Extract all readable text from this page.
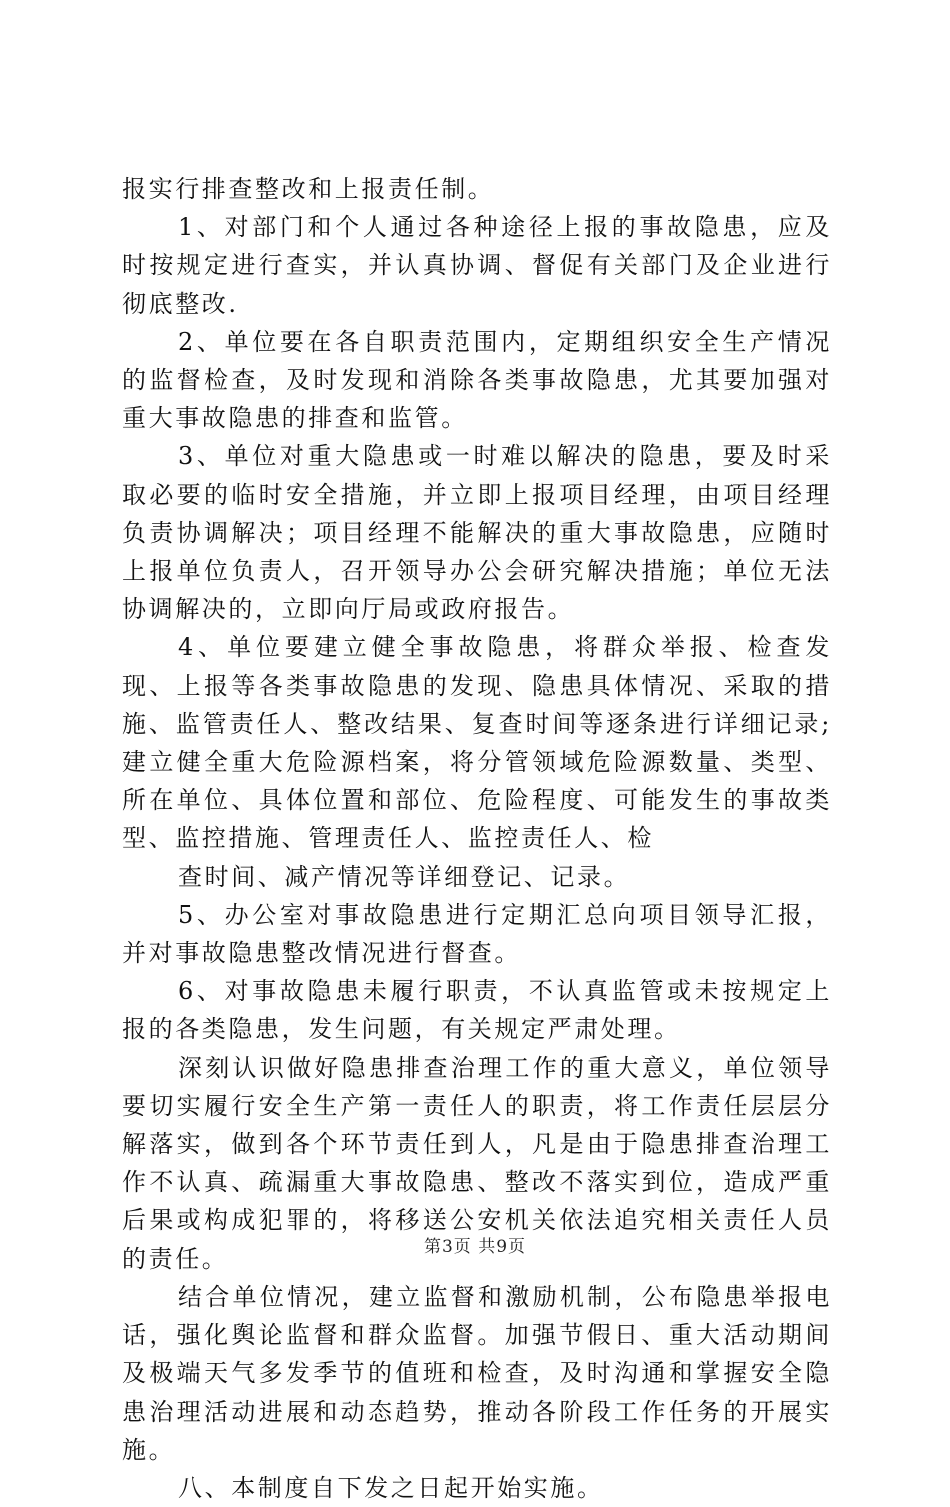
报实行排查整改和上报责任制。

1、对部门和个人通过各种途径上报的事故隐患，应及时按规定进行查实，并认真协调、督促有关部门及企业进行彻底整改.

2、单位要在各自职责范围内，定期组织安全生产情况的监督检查，及时发现和消除各类事故隐患，尤其要加强对重大事故隐患的排查和监管。

3、单位对重大隐患或一时难以解决的隐患，要及时采取必要的临时安全措施，并立即上报项目经理，由项目经理负责协调解决；项目经理不能解决的重大事故隐患，应随时上报单位负责人，召开领导办公会研究解决措施；单位无法协调解决的，立即向厅局或政府报告。

4、单位要建立健全事故隐患，将群众举报、检查发现、上报等各类事故隐患的发现、隐患具体情况、采取的措施、监管责任人、整改结果、复查时间等逐条进行详细记录;建立健全重大危险源档案，将分管领域危险源数量、类型、所在单位、具体位置和部位、危险程度、可能发生的事故类型、监控措施、管理责任人、监控责任人、检

查时间、减产情况等详细登记、记录。

5、办公室对事故隐患进行定期汇总向项目领导汇报，并对事故隐患整改情况进行督查。

6、对事故隐患未履行职责，不认真监管或未按规定上报的各类隐患，发生问题，有关规定严肃处理。

深刻认识做好隐患排查治理工作的重大意义，单位领导要切实履行安全生产第一责任人的职责，将工作责任层层分解落实，做到各个环节责任到人，凡是由于隐患排查治理工作不认真、疏漏重大事故隐患、整改不落实到位，造成严重后果或构成犯罪的，将移送公安机关依法追究相关责任人员的责任。

结合单位情况，建立监督和激励机制，公布隐患举报电话，强化舆论监督和群众监督。加强节假日、重大活动期间及极端天气多发季节的值班和检查，及时沟通和掌握安全隐患治理活动进展和动态趋势，推动各阶段工作任务的开展实施。

八、本制度自下发之日起开始实施。

第3页 共9页
